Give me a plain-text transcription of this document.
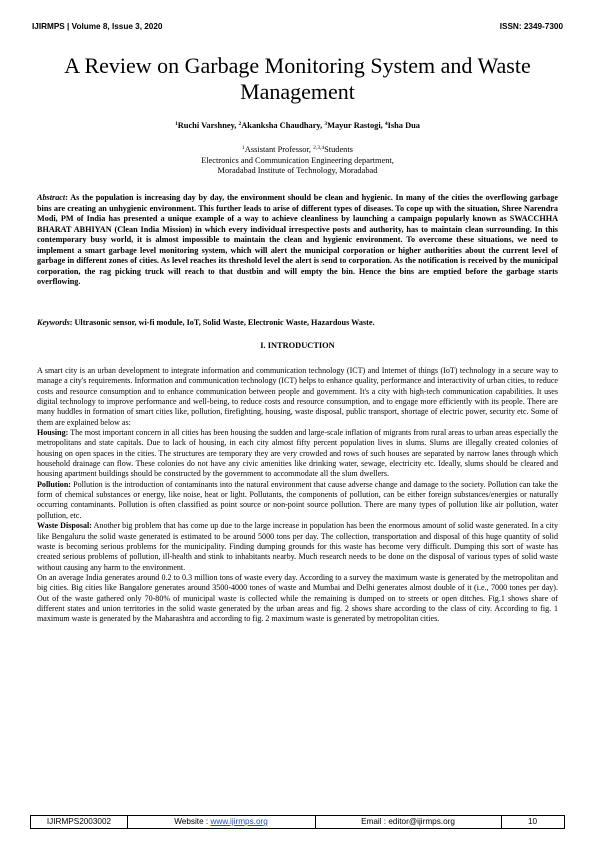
IJIRMPS | Volume 8, Issue 3, 2020	ISSN: 2349-7300
A Review on Garbage Monitoring System and Waste Management
$^1$Ruchi Varshney, $^2$Akanksha Chaudhary, $^3$Mayur Rastogi, $^4$Isha Dua
$^1$Assistant Professor, $^{2,3,4}$Students
Electronics and Communication Engineering department,
Moradabad Institute of Technology, Moradabad
Abstract: As the population is increasing day by day, the environment should be clean and hygienic. In many of the cities the overflowing garbage bins are creating an unhygienic environment. This further leads to arise of different types of diseases. To cope up with the situation, Shree Narendra Modi, PM of India has presented a unique example of a way to achieve cleanliness by launching a campaign popularly known as SWACCHHA BHARAT ABHIYAN (Clean India Mission) in which every individual irrespective posts and authority, has to maintain clean surrounding. In this contemporary busy world, it is almost impossible to maintain the clean and hygienic environment. To overcome these situations, we need to implement a smart garbage level monitoring system, which will alert the municipal corporation or higher authorities about the current level of garbage in different zones of cities. As level reaches its threshold level the alert is send to corporation. As the notification is received by the municipal corporation, the rag picking truck will reach to that dustbin and will empty the bin. Hence the bins are emptied before the garbage starts overflowing.
Keywords: Ultrasonic sensor, wi-fi module, IoT, Solid Waste, Electronic Waste, Hazardous Waste.
I. INTRODUCTION

A smart city is an urban development to integrate information and communication technology (ICT) and Internet of things (IoT) technology in a secure way to manage a city's requirements. Information and communication technology (ICT) helps to enhance quality, performance and interactivity of urban cities, to reduce costs and resource consumption and to enhance communication between people and government. It's a city with high-tech communication capabilities. It uses digital technology to improve performance and well-being, to reduce costs and resource consumption, and to engage more efficiently with its people. There are many huddles in formation of smart cities like, pollution, firefighting, housing, waste disposal, public transport, shortage of electric power, security etc. Some of them are explained below as:

Housing: The most important concern in all cities has been housing the sudden and large-scale inflation of migrants from rural areas to urban areas especially the metropolitans and state capitals. Due to lack of housing, in each city almost fifty percent population lives in slums. Slums are illegally created colonies of housing on open spaces in the cities. The structures are temporary they are very crowded and rows of such houses are separated by narrow lanes through which household drainage can flow. These colonies do not have any civic amenities like drinking water, sewage, electricity etc. Ideally, slums should be cleared and housing apartment buildings should be constructed by the government to accommodate all the slum dwellers.

Pollution: Pollution is the introduction of contaminants into the natural environment that cause adverse change and damage to the society. Pollution can take the form of chemical substances or energy, like noise, heat or light. Pollutants, the components of pollution, can be either foreign substances/energies or naturally occurring contaminants. Pollution is often classified as point source or non-point source pollution. There are many types of pollution like air pollution, water pollution, etc.

Waste Disposal: Another big problem that has come up due to the large increase in population has been the enormous amount of solid waste generated. In a city like Bengaluru the solid waste generated is estimated to be around 5000 tons per day. The collection, transportation and disposal of this huge quantity of solid waste is becoming serious problems for the municipality. Finding dumping grounds for this waste has become very difficult. Dumping this sort of waste has created serious problems of pollution, ill-health and stink to inhabitants nearby. Much research needs to be done on the disposal of various types of solid waste without causing any harm to the environment.

On an average India generates around 0.2 to 0.3 million tons of waste every day. According to a survey the maximum waste is generated by the metropolitan and big cities. Big cities like Bangalore generates around 3500-4000 tones of waste and Mumbai and Delhi generates almost double of it (i.e., 7000 tones per day). Out of the waste gathered only 70-80% of municipal waste is collected while the remaining is dumped on to streets or open ditches. Fig.1 shows share of different states and union territories in the solid waste generated by the urban areas and fig. 2 shows share according to the class of city. According to fig. 1 maximum waste is generated by the Maharashtra and according to fig. 2 maximum waste is generated by metropolitan cities.

IJIRMPS2003002	Website : www.ijirmps.org	Email : editor@ijirmps.org	10
